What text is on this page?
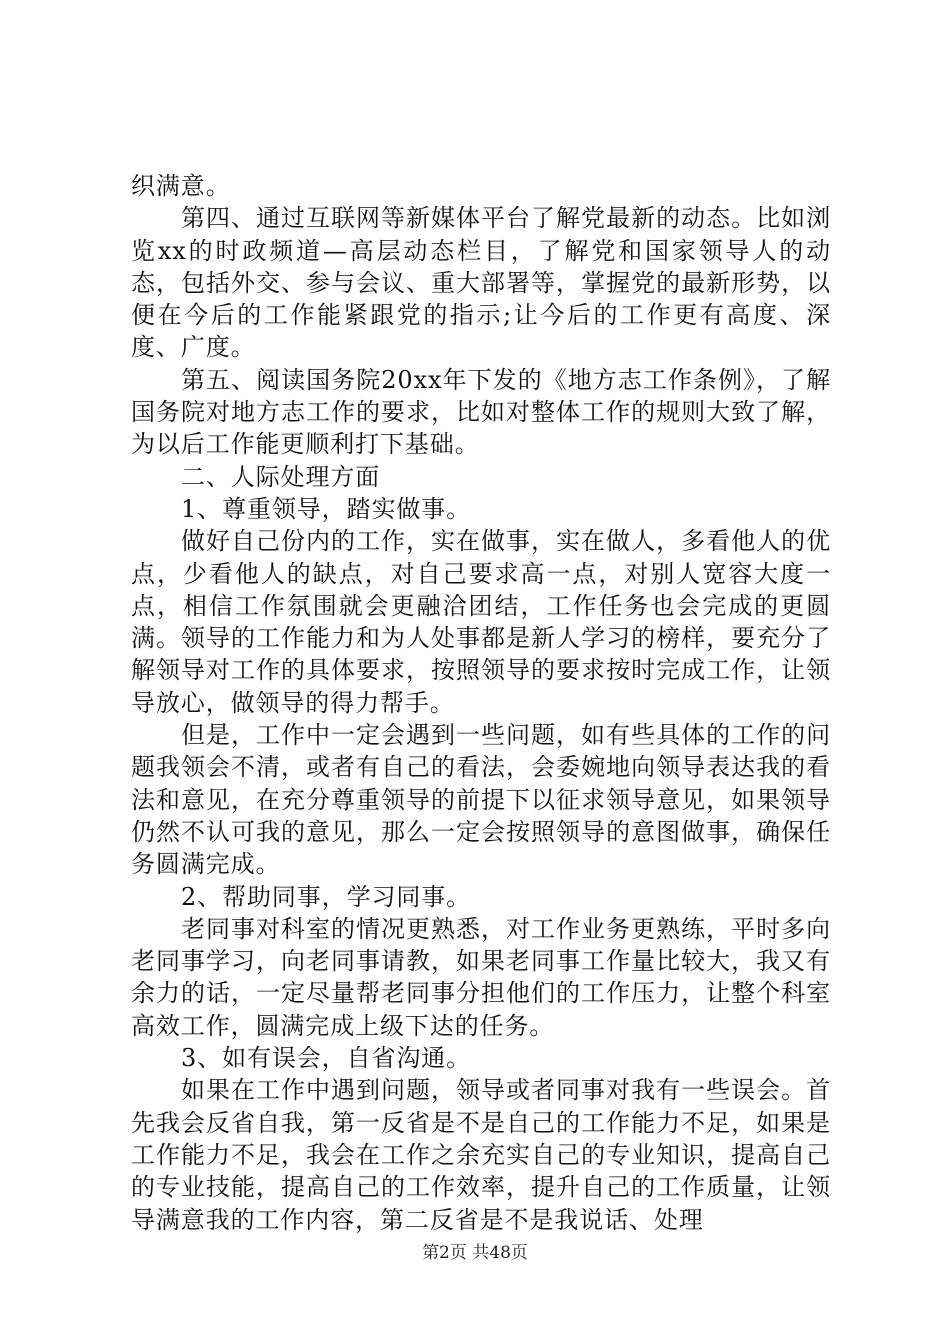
织满意。

第四、通过互联网等新媒体平台了解党最新的动态。比如浏览xx的时政频道—高层动态栏目，了解党和国家领导人的动态，包括外交、参与会议、重大部署等，掌握党的最新形势，以便在今后的工作能紧跟党的指示;让今后的工作更有高度、深度、广度。

第五、阅读国务院20xx年下发的《地方志工作条例》，了解国务院对地方志工作的要求，比如对整体工作的规则大致了解，为以后工作能更顺利打下基础。

二、人际处理方面

1、尊重领导，踏实做事。

做好自己份内的工作，实在做事，实在做人，多看他人的优点，少看他人的缺点，对自己要求高一点，对别人宽容大度一点，相信工作氛围就会更融洽团结，工作任务也会完成的更圆满。领导的工作能力和为人处事都是新人学习的榜样，要充分了解领导对工作的具体要求，按照领导的要求按时完成工作，让领导放心，做领导的得力帮手。

但是，工作中一定会遇到一些问题，如有些具体的工作的问题我领会不清，或者有自己的看法，会委婉地向领导表达我的看法和意见，在充分尊重领导的前提下以征求领导意见，如果领导仍然不认可我的意见，那么一定会按照领导的意图做事，确保任务圆满完成。

2、帮助同事，学习同事。

老同事对科室的情况更熟悉，对工作业务更熟练，平时多向老同事学习，向老同事请教，如果老同事工作量比较大，我又有余力的话，一定尽量帮老同事分担他们的工作压力，让整个科室高效工作，圆满完成上级下达的任务。

3、如有误会，自省沟通。

如果在工作中遇到问题，领导或者同事对我有一些误会。首先我会反省自我，第一反省是不是自己的工作能力不足，如果是工作能力不足，我会在工作之余充实自己的专业知识，提高自己的专业技能，提高自己的工作效率，提升自己的工作质量，让领导满意我的工作内容，第二反省是不是我说话、处理

第2页 共48页
